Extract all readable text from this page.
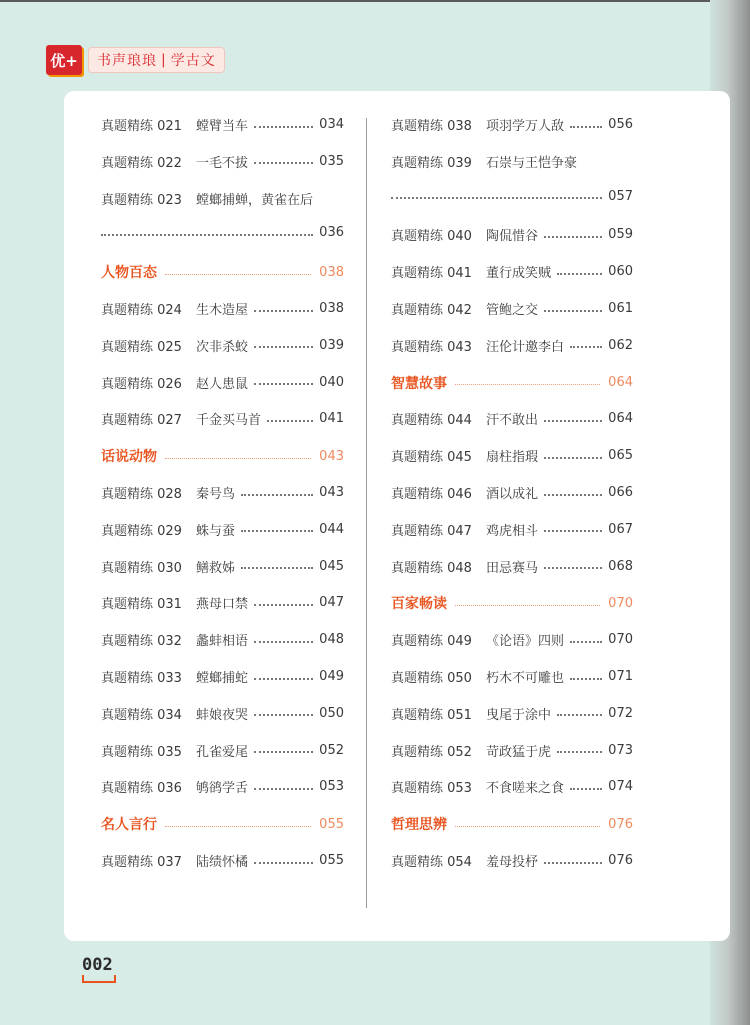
优+	书声琅琅 | 学古文
真题精练 021 螳臂当车	034
真题精练 022 一毛不拔	035
真题精练 023 螳螂捕蝉，黄雀在后
036
人物百态	038
真题精练 024 生木造屋	038
真题精练 025 次非杀蛟	039
真题精练 026 赵人患鼠	040
真题精练 027 千金买马首	041
话说动物	043
真题精练 028 秦号鸟	043
真题精练 029 蛛与蚕	044
真题精练 030 鳝救姊	045
真题精练 031 燕母口禁	047
真题精练 032 蠡蚌相语	048
真题精练 033 螳螂捕蛇	049
真题精练 034 蚌娘夜哭	050
真题精练 035 孔雀爱尾	052
真题精练 036 鸲鹆学舌	053
名人言行	055
真题精练 037 陆绩怀橘	055
真题精练 038 项羽学万人敌	056
真题精练 039 石崇与王恺争豪
057
真题精练 040 陶侃惜谷	059
真题精练 041 董行成笑贼	060
真题精练 042 管鲍之交	061
真题精练 043 汪伦计邀李白	062
智慧故事	064
真题精练 044 汗不敢出	064
真题精练 045 扇柱指瑕	065
真题精练 046 酒以成礼	066
真题精练 047 鸡虎相斗	067
真题精练 048 田忌赛马	068
百家畅读	070
真题精练 049 《论语》四则	070
真题精练 050 朽木不可雕也	071
真题精练 051 曳尾于涂中	072
真题精练 052 苛政猛于虎	073
真题精练 053 不食嗟来之食	074
哲理思辨	076
真题精练 054 羞母投杼	076
002
